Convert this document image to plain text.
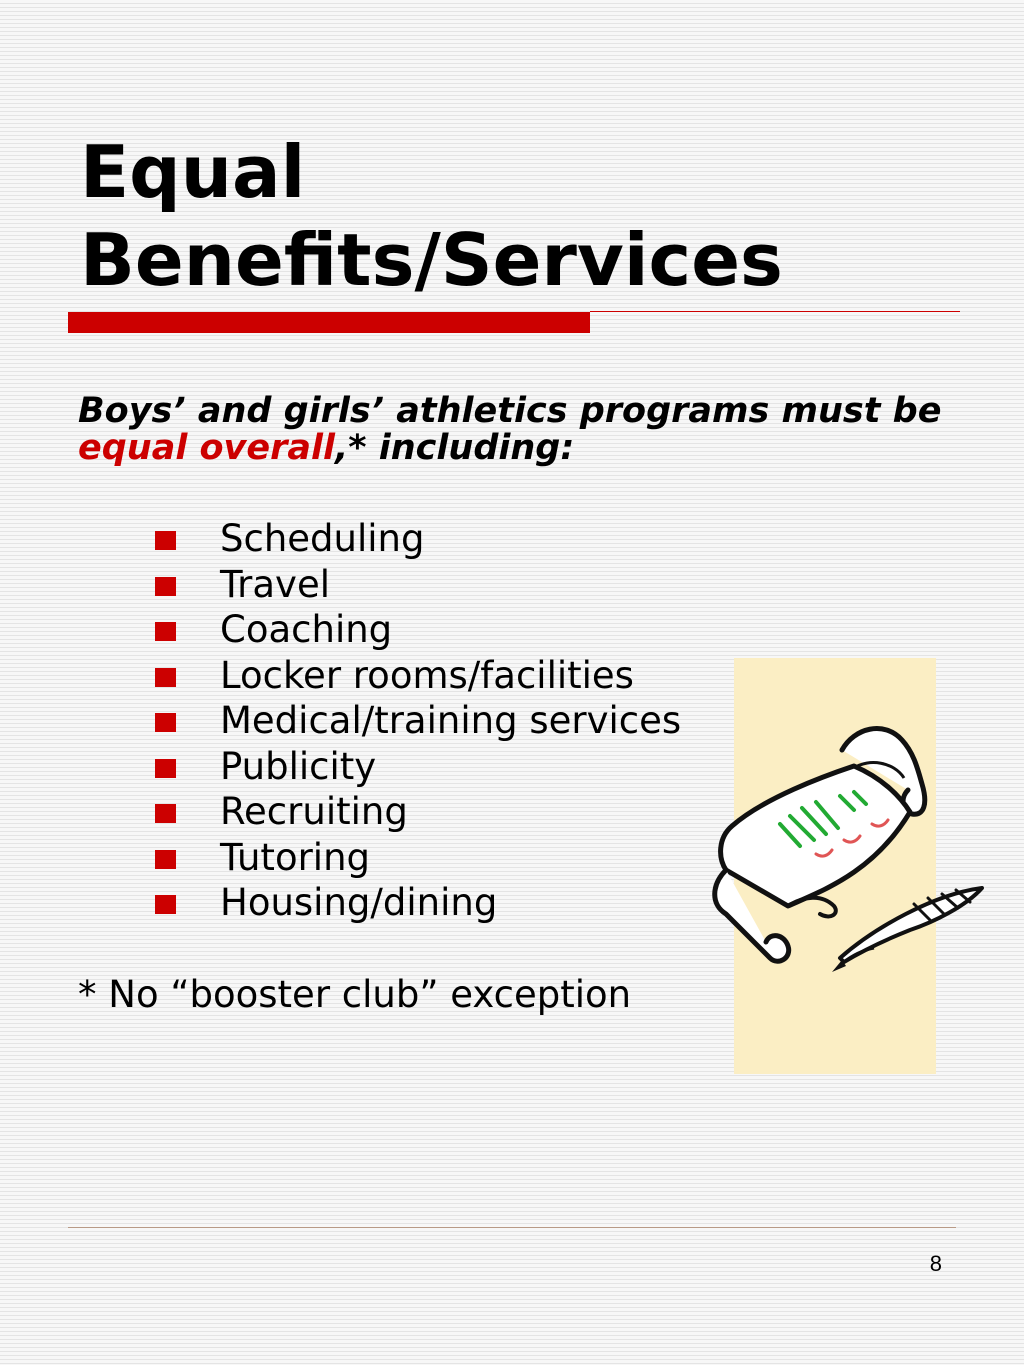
Equal
Benefits/Services
Boys’ and girls’ athletics programs must be equal overall,* including:
Scheduling
Travel
Coaching
Locker rooms/facilities
Medical/training services
Publicity
Recruiting
Tutoring
Housing/dining
* No “booster club” exception
8
